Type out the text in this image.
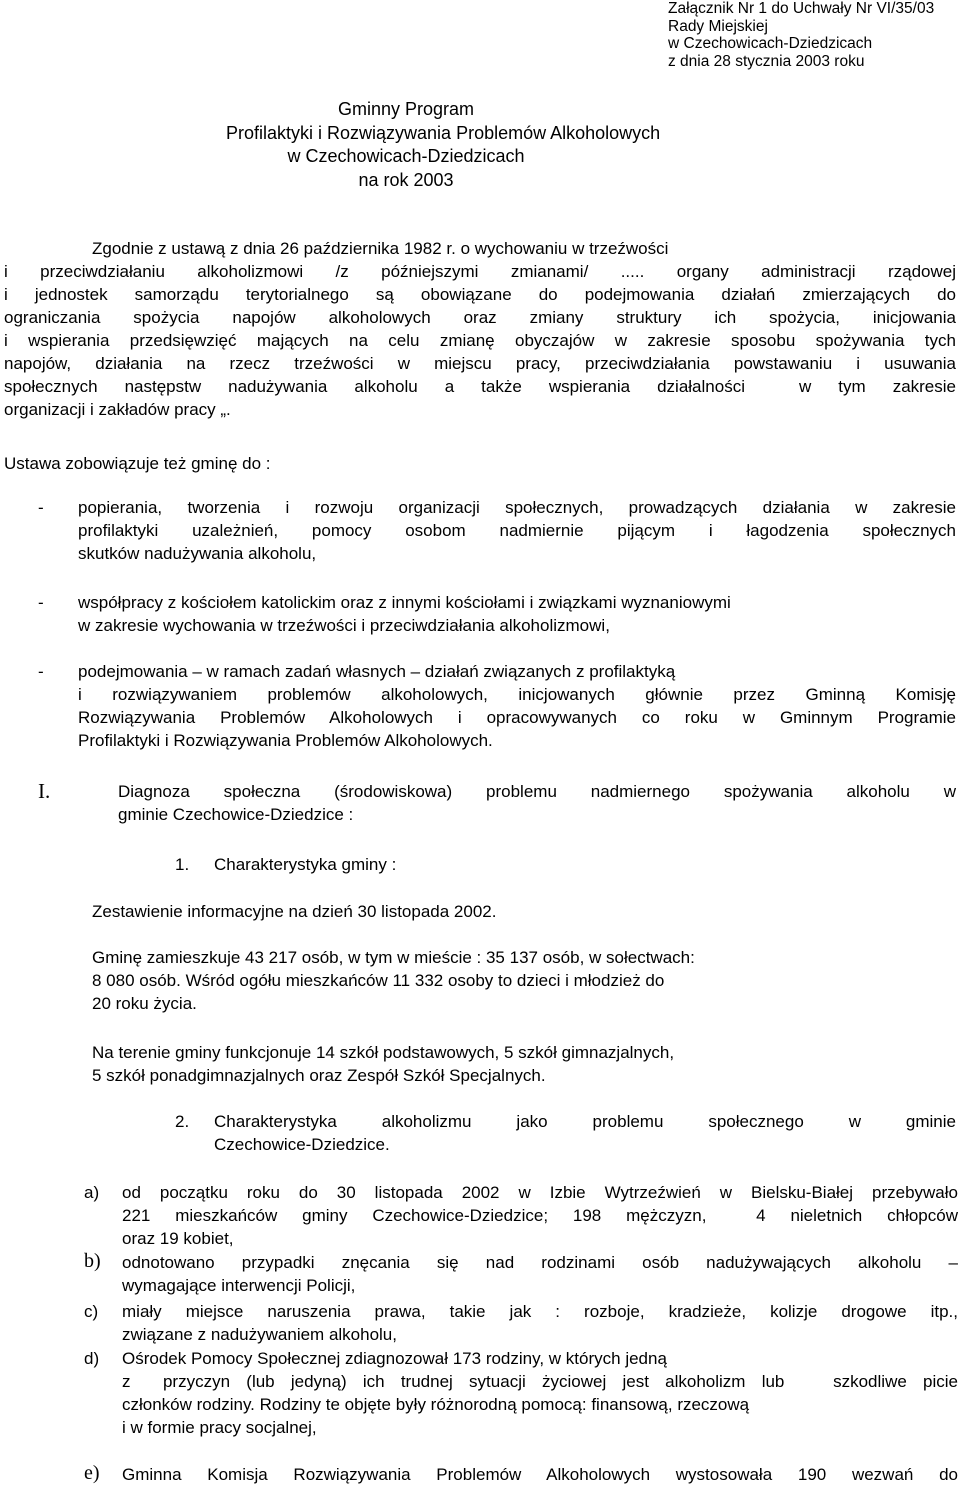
Załącznik Nr 1 do Uchwały Nr VI/35/03
Rady Miejskiej
w Czechowicach-Dziedzicach
z dnia 28 stycznia 2003 roku
Gminny Program
Profilaktyki i Rozwiązywania Problemów Alkoholowych
w Czechowicach-Dziedzicach
na rok 2003
Zgodnie z ustawą z dnia 26 października 1982 r. o wychowaniu w trzeźwości
i przeciwdziałaniu alkoholizmowi /z późniejszymi zmianami/ ..... organy administracji rządowej
i jednostek samorządu terytorialnego są obowiązane do podejmowania działań zmierzających do
ograniczania spożycia napojów alkoholowych oraz zmiany struktury ich spożycia, inicjowania
i wspierania przedsięwzięć mających na celu zmianę obyczajów w zakresie sposobu spożywania tych
napojów, działania na rzecz trzeźwości w miejscu pracy, przeciwdziałania powstawaniu i usuwania
społecznych następstw nadużywania alkoholu a także wspierania działalności  w tym zakresie
organizacji i zakładów pracy „.
Ustawa zobowiązuje też gminę do :
- popierania, tworzenia i rozwoju organizacji społecznych, prowadzących działania w zakresie
profilaktyki uzależnień, pomocy osobom nadmiernie pijącym i łagodzenia społecznych
skutków nadużywania alkoholu,
- współpracy z kościołem katolickim oraz z innymi kościołami i związkami wyznaniowymi
w zakresie wychowania w trzeźwości i przeciwdziałania alkoholizmowi,
- podejmowania – w ramach zadań własnych – działań związanych z profilaktyką
i rozwiązywaniem problemów alkoholowych, inicjowanych głównie przez Gminną Komisję
Rozwiązywania Problemów Alkoholowych i opracowywanych co roku w Gminnym Programie
Profilaktyki i Rozwiązywania Problemów Alkoholowych.
I.	Diagnoza społeczna (środowiskowa) problemu nadmiernego spożywania alkoholu w
gminie Czechowice-Dziedzice :
1. Charakterystyka gminy :
Zestawienie informacyjne na dzień 30 listopada 2002.
Gminę zamieszkuje 43 217 osób, w tym w mieście : 35 137 osób, w sołectwach:
8 080 osób. Wśród ogółu mieszkańców 11 332 osoby to dzieci i młodzież do
20 roku życia.
Na terenie gminy funkcjonuje 14 szkół podstawowych, 5 szkół gimnazjalnych,
5 szkół ponadgimnazjalnych oraz Zespół Szkół Specjalnych.
2. Charakterystyka alkoholizmu jako problemu społecznego w gminie
Czechowice-Dziedzice.
a) od początku roku do 30 listopada 2002 w Izbie Wytrzeźwień w Bielsku-Białej przebywało
221 mieszkańców gminy Czechowice-Dziedzice; 198 mężczyzn,  4 nieletnich chłopców
oraz 19 kobiet,
b) odnotowano przypadki znęcania się nad rodzinami osób nadużywających alkoholu –
wymagające interwencji Policji,
c) miały miejsce naruszenia prawa, takie jak : rozboje, kradzieże, kolizje drogowe itp.,
związane z nadużywaniem alkoholu,
d) Ośrodek Pomocy Społecznej zdiagnozował 173 rodziny, w których jedną
z  przyczyn (lub jedyną) ich trudnej sytuacji życiowej jest alkoholizm lub   szkodliwe picie
członków rodziny. Rodziny te objęte były różnorodną pomocą: finansową, rzeczową
i w formie pracy socjalnej,
e) Gminna Komisja Rozwiązywania Problemów Alkoholowych wystosowała 190 wezwań do
